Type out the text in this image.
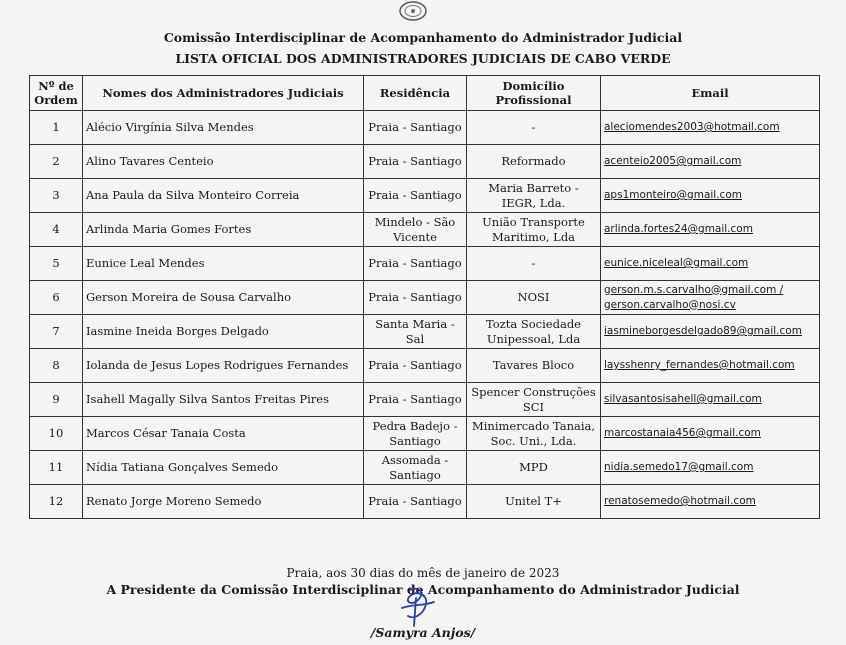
Comissão Interdisciplinar de Acompanhamento do Administrador Judicial
LISTA OFICIAL DOS ADMINISTRADORES JUDICIAIS DE CABO VERDE
Nº de
Ordem	Nomes dos Administradores Judiciais	Residência	Domicílio Profissional	Email
1	Alécio Virgínia Silva Mendes	Praia - Santiago	-	aleciomendes2003@hotmail.com
2	Alino Tavares Centeio	Praia - Santiago	Reformado	acenteio2005@gmail.com
3	Ana Paula da Silva Monteiro Correia	Praia - Santiago	Maria Barreto - IEGR, Lda.	aps1monteiro@gmail.com
4	Arlinda Maria Gomes Fortes	Mindelo - São Vicente	União Transporte Maritimo, Lda	arlinda.fortes24@gmail.com
5	Eunice Leal Mendes	Praia - Santiago	-	eunice.niceleal@gmail.com
6	Gerson Moreira de Sousa Carvalho	Praia - Santiago	NOSI	gerson.m.s.carvalho@gmail.com / gerson.carvalho@nosi.cv
7	Iasmine Ineida Borges Delgado	Santa Maria - Sal	Tozta Sociedade Unipessoal, Lda	iasmineborgesdelgado89@gmail.com
8	Iolanda de Jesus Lopes Rodrigues Fernandes	Praia - Santiago	Tavares Bloco	laysshenry_fernandes@hotmail.com
9	Isahell Magally Silva Santos Freitas Pires	Praia - Santiago	Spencer Construções SCI	silvasantosisahell@gmail.com
10	Marcos César Tanaia Costa	Pedra Badejo - Santiago	Minimercado Tanaia, Soc. Uni., Lda.	marcostanaia456@gmail.com
11	Nídia Tatiana Gonçalves Semedo	Assomada - Santiago	MPD	nidia.semedo17@gmail.com
12	Renato Jorge Moreno Semedo	Praia - Santiago	Unitel T+	renatosemedo@hotmail.com
Praia, aos 30 dias do mês de janeiro de 2023
A Presidente da Comissão Interdisciplinar de Acompanhamento do Administrador Judicial
/Samyra Anjos/
